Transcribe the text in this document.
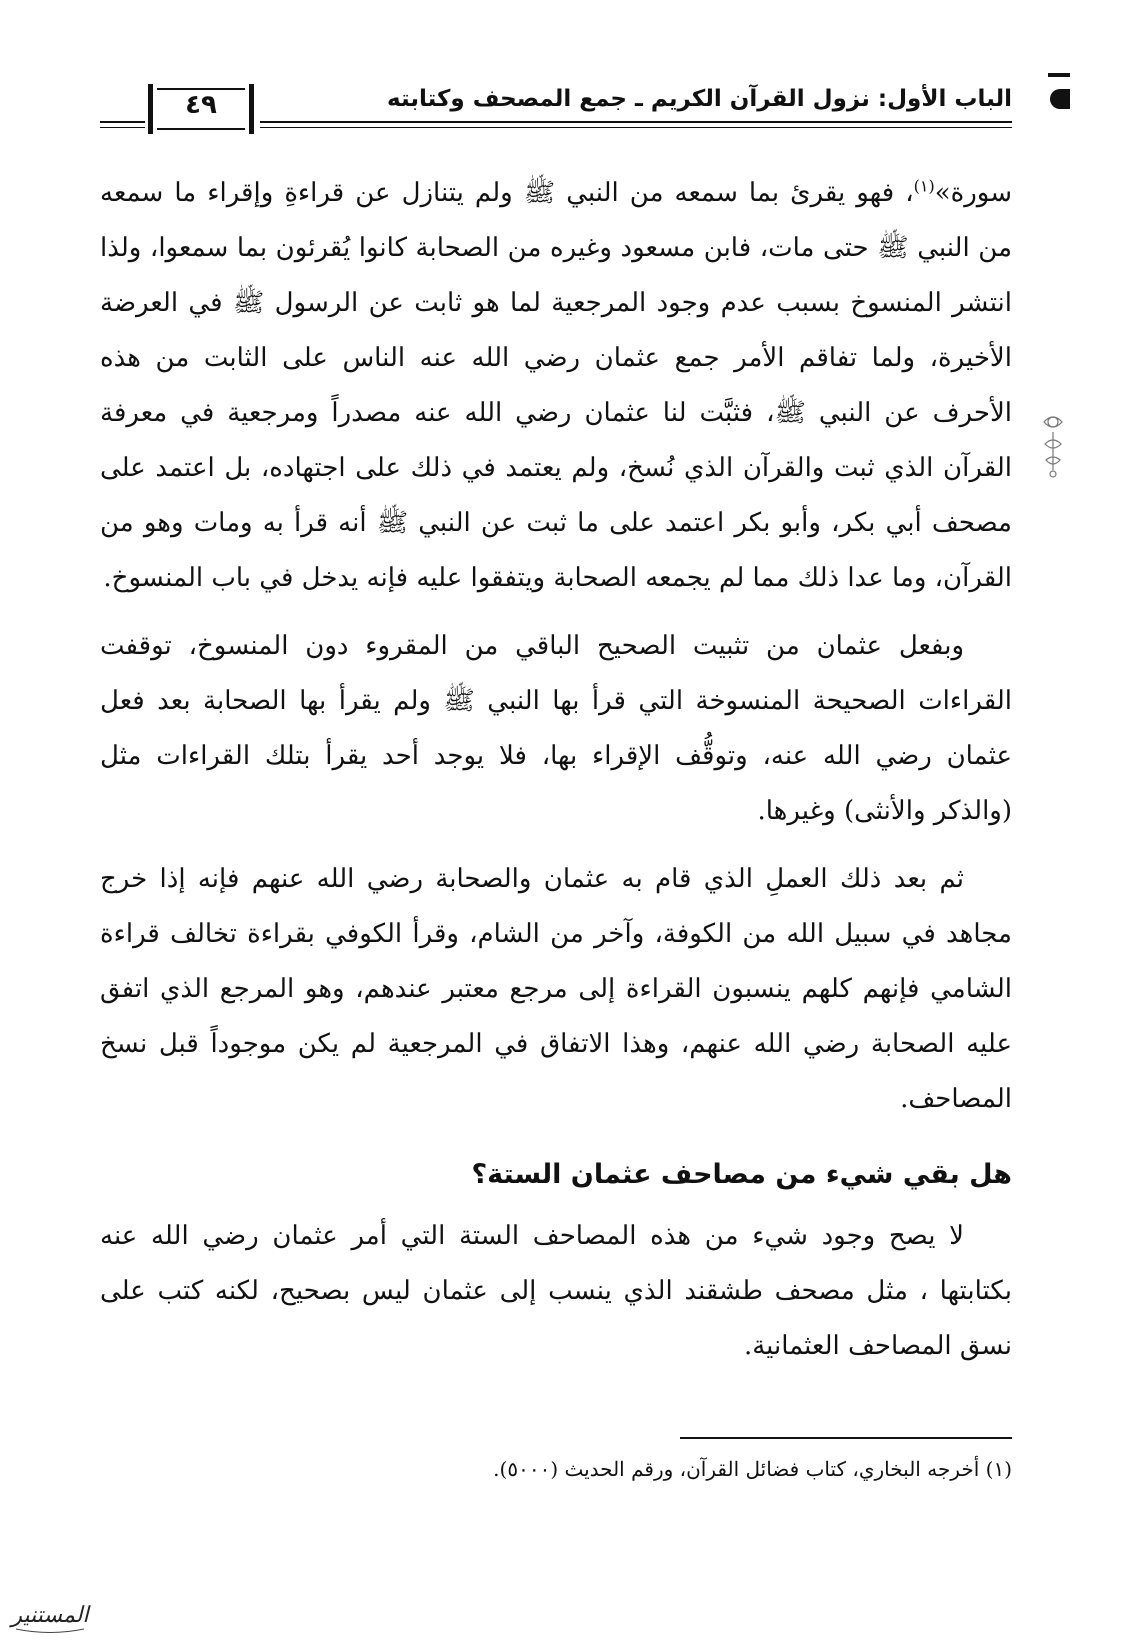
الباب الأول: نزول القرآن الكريم ـ جمع المصحف وكتابته
٤٩

سورة»$^{(١)}$، فهو يقرئ بما سمعه من النبي ﷺ ولم يتنازل عن قراءةِ وإقراء ما سمعه من النبي ﷺ حتى مات، فابن مسعود وغيره من الصحابة كانوا يُقرئون بما سمعوا، ولذا انتشر المنسوخ بسبب عدم وجود المرجعية لما هو ثابت عن الرسول ﷺ في العرضة الأخيرة، ولما تفاقم الأمر جمع عثمان رضي الله عنه الناس على الثابت من هذه الأحرف عن النبي ﷺ، فثبَّت لنا عثمان رضي الله عنه مصدراً ومرجعية في معرفة القرآن الذي ثبت والقرآن الذي نُسخ، ولم يعتمد في ذلك على اجتهاده، بل اعتمد على مصحف أبي بكر، وأبو بكر اعتمد على ما ثبت عن النبي ﷺ أنه قرأ به ومات وهو من القرآن، وما عدا ذلك مما لم يجمعه الصحابة ويتفقوا عليه فإنه يدخل في باب المنسوخ.

وبفعل عثمان من تثبيت الصحيح الباقي من المقروء دون المنسوخ، توقفت القراءات الصحيحة المنسوخة التي قرأ بها النبي ﷺ ولم يقرأ بها الصحابة بعد فعل عثمان رضي الله عنه، وتوقُّف الإقراء بها، فلا يوجد أحد يقرأ بتلك القراءات مثل (والذكر والأنثى) وغيرها.

ثم بعد ذلك العملِ الذي قام به عثمان والصحابة رضي الله عنهم فإنه إذا خرج مجاهد في سبيل الله من الكوفة، وآخر من الشام، وقرأ الكوفي بقراءة تخالف قراءة الشامي فإنهم كلهم ينسبون القراءة إلى مرجع معتبر عندهم، وهو المرجع الذي اتفق عليه الصحابة رضي الله عنهم، وهذا الاتفاق في المرجعية لم يكن موجوداً قبل نسخ المصاحف.

هل بقي شيء من مصاحف عثمان الستة؟

لا يصح وجود شيء من هذه المصاحف الستة التي أمر عثمان رضي الله عنه بكتابتها ، مثل مصحف طشقند الذي ينسب إلى عثمان ليس بصحيح، لكنه كتب على نسق المصاحف العثمانية.

(١) أخرجه البخاري، كتاب فضائل القرآن، ورقم الحديث (٥٠٠٠).
المستنير
